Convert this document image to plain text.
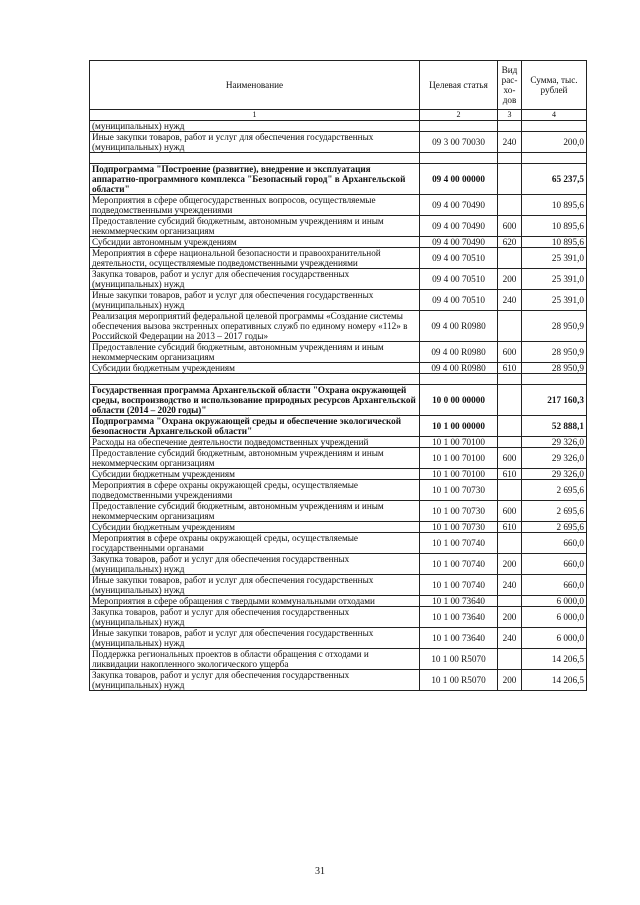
Наименование	Целевая статья	Вид рас-хо-дов	Сумма, тыс. рублей
1	2	3	4
(муниципальных) нужд			
Иные закупки товаров, работ и услуг для обеспечения государственных (муниципальных) нужд	09 3 00 70030	240	200,0

Подпрограмма "Построение (развитие), внедрение и эксплуатация аппаратно-программного комплекса "Безопасный город" в Архангельской области"	09 4 00 00000		65 237,5
Мероприятия в сфере общегосударственных вопросов, осуществляемые подведомственными учреждениями	09 4 00 70490		10 895,6
Предоставление субсидий бюджетным, автономным учреждениям и иным некоммерческим организациям	09 4 00 70490	600	10 895,6
Субсидии автономным учреждениям	09 4 00 70490	620	10 895,6
Мероприятия в сфере национальной безопасности и правоохранительной деятельности, осуществляемые подведомственными учреждениями	09 4 00 70510		25 391,0
Закупка товаров, работ и услуг для обеспечения государственных (муниципальных) нужд	09 4 00 70510	200	25 391,0
Иные закупки товаров, работ и услуг для обеспечения государственных (муниципальных) нужд	09 4 00 70510	240	25 391,0
Реализация мероприятий федеральной целевой программы «Создание системы обеспечения вызова экстренных оперативных служб по единому номеру «112» в Российской Федерации на 2013 – 2017 годы»	09 4 00 R0980		28 950,9
Предоставление субсидий бюджетным, автономным учреждениям и иным некоммерческим организациям	09 4 00 R0980	600	28 950,9
Субсидии бюджетным учреждениям	09 4 00 R0980	610	28 950,9

Государственная программа Архангельской области "Охрана окружающей среды, воспроизводство и использование природных ресурсов Архангельской области (2014 – 2020 годы)"	10 0 00 00000		217 160,3
Подпрограмма "Охрана окружающей среды и обеспечение экологической безопасности Архангельской области"	10 1 00 00000		52 888,1
Расходы на обеспечение деятельности подведомственных учреждений	10 1 00 70100		29 326,0
Предоставление субсидий бюджетным, автономным учреждениям и иным некоммерческим организациям	10 1 00 70100	600	29 326,0
Субсидии бюджетным учреждениям	10 1 00 70100	610	29 326,0
Мероприятия в сфере охраны окружающей среды, осуществляемые подведомственными учреждениями	10 1 00 70730		2 695,6
Предоставление субсидий бюджетным, автономным учреждениям и иным некоммерческим организациям	10 1 00 70730	600	2 695,6
Субсидии бюджетным учреждениям	10 1 00 70730	610	2 695,6
Мероприятия в сфере охраны окружающей среды, осуществляемые государственными органами	10 1 00 70740		660,0
Закупка товаров, работ и услуг для обеспечения государственных (муниципальных) нужд	10 1 00 70740	200	660,0
Иные закупки товаров, работ и услуг для обеспечения государственных (муниципальных) нужд	10 1 00 70740	240	660,0
Мероприятия в сфере обращения с твердыми коммунальными отходами	10 1 00 73640		6 000,0
Закупка товаров, работ и услуг для обеспечения государственных (муниципальных) нужд	10 1 00 73640	200	6 000,0
Иные закупки товаров, работ и услуг для обеспечения государственных (муниципальных) нужд	10 1 00 73640	240	6 000,0
Поддержка региональных проектов в области обращения с отходами и ликвидации накопленного экологического ущерба	10 1 00 R5070		14 206,5
Закупка товаров, работ и услуг для обеспечения государственных (муниципальных) нужд	10 1 00 R5070	200	14 206,5
31
